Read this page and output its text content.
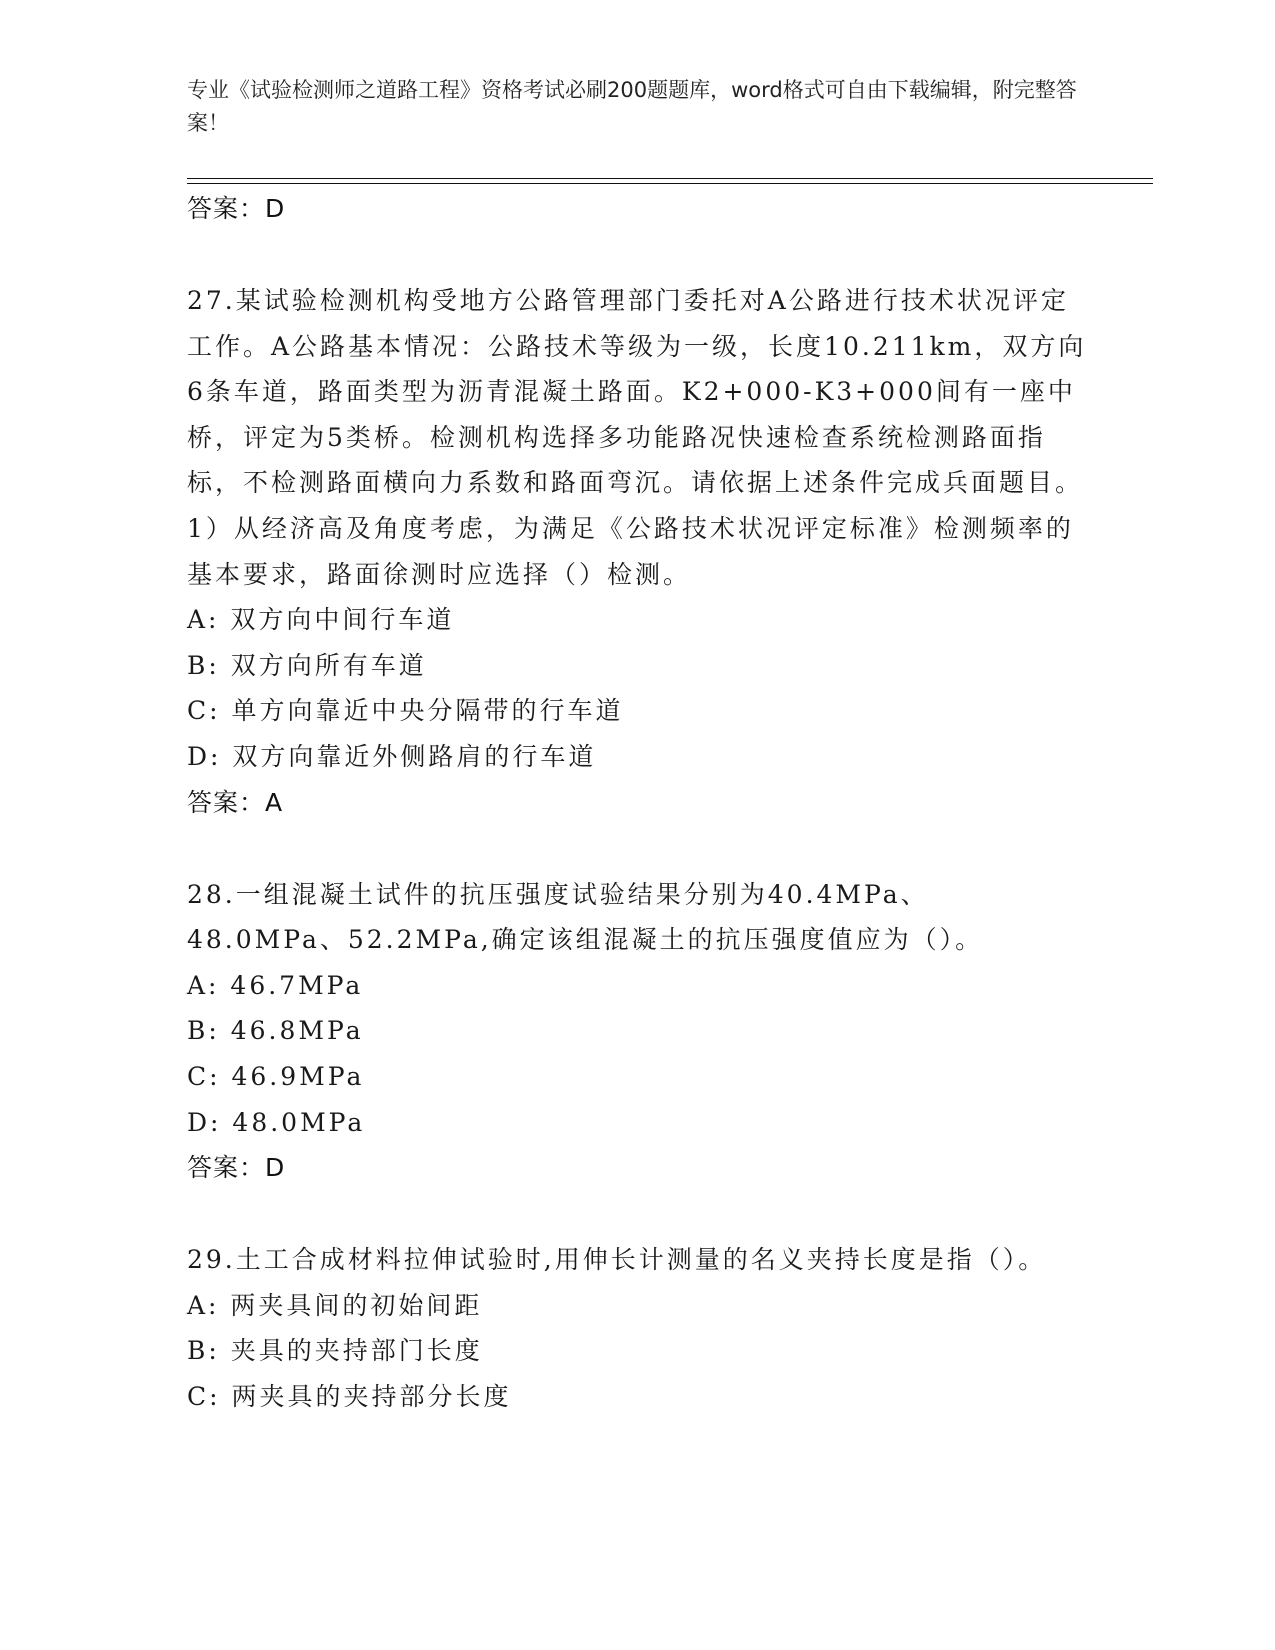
专业《试验检测师之道路工程》资格考试必刷200题题库，word格式可自由下载编辑，附完整答案！
答案：D
27.某试验检测机构受地方公路管理部门委托对A公路进行技术状况评定工作。A公路基本情况：公路技术等级为一级，长度10.211km，双方向6条车道，路面类型为沥青混凝土路面。K2+000-K3+000间有一座中桥，评定为5类桥。检测机构选择多功能路况快速检查系统检测路面指标，不检测路面横向力系数和路面弯沉。请依据上述条件完成兵面题目。1）从经济高及角度考虑，为满足《公路技术状况评定标准》检测频率的基本要求，路面徐测时应选择（）检测。
A: 双方向中间行车道
B: 双方向所有车道
C: 单方向靠近中央分隔带的行车道
D: 双方向靠近外侧路肩的行车道
答案：A
28.一组混凝土试件的抗压强度试验结果分别为40.4MPa、48.0MPa、52.2MPa,确定该组混凝土的抗压强度值应为（）。
A: 46.7MPa
B: 46.8MPa
C: 46.9MPa
D: 48.0MPa
答案：D
29.土工合成材料拉伸试验时,用伸长计测量的名义夹持长度是指（）。
A: 两夹具间的初始间距
B: 夹具的夹持部门长度
C: 两夹具的夹持部分长度
